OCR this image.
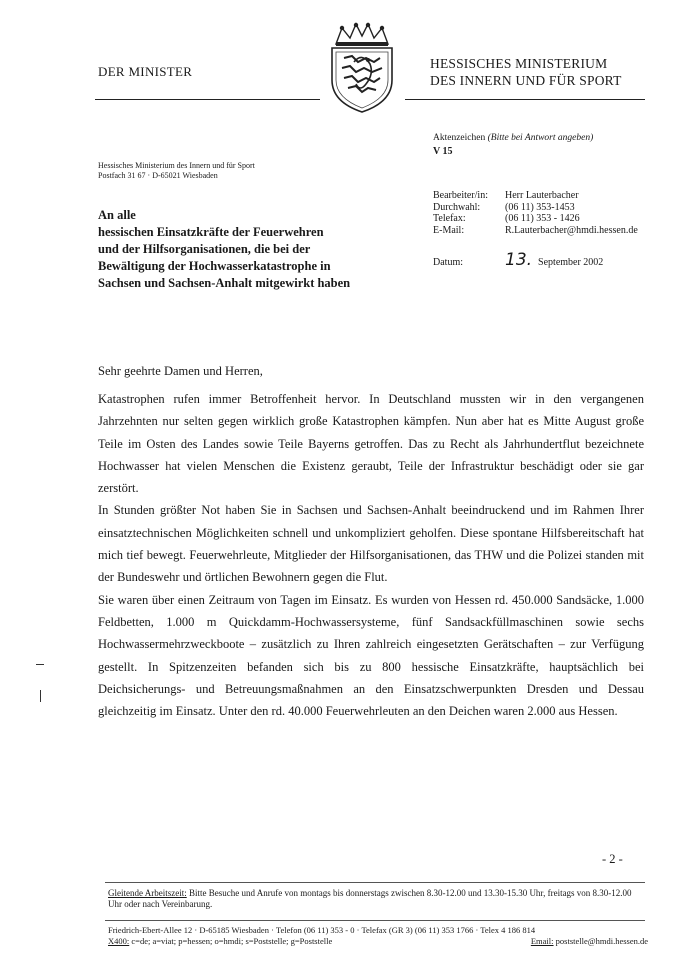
DER MINISTER
HESSISCHES MINISTERIUM
DES INNERN UND FÜR SPORT
Hessisches Ministerium des Innern und für Sport
Postfach 31 67 · D-65021 Wiesbaden
Aktenzeichen (Bitte bei Antwort angeben)
V 15
Bearbeiter/in:	Herr Lauterbacher
Durchwahl:	(06 11) 353-1453
Telefax:	(06 11) 353 - 1426
E-Mail:	R.Lauterbacher@hmdi.hessen.de
Datum:	13. September 2002
An alle
hessischen Einsatzkräfte der Feuerwehren
und der Hilfsorganisationen, die bei der
Bewältigung der Hochwasserkatastrophe in
Sachsen und Sachsen-Anhalt mitgewirkt haben
Sehr geehrte Damen und Herren,

Katastrophen rufen immer Betroffenheit hervor. In Deutschland mussten wir in den vergangenen Jahrzehnten nur selten gegen wirklich große Katastrophen kämpfen. Nun aber hat es Mitte August große Teile im Osten des Landes sowie Teile Bayerns getroffen. Das zu Recht als Jahrhundertflut bezeichnete Hochwasser hat vielen Menschen die Existenz geraubt, Teile der Infrastruktur beschädigt oder sie gar zerstört.

In Stunden größter Not haben Sie in Sachsen und Sachsen-Anhalt beeindruckend und im Rahmen Ihrer einsatztechnischen Möglichkeiten schnell und unkompliziert geholfen. Diese spontane Hilfsbereitschaft hat mich tief bewegt. Feuerwehrleute, Mitglieder der Hilfsorganisationen, das THW und die Polizei standen mit der Bundeswehr und örtlichen Bewohnern gegen die Flut.

Sie waren über einen Zeitraum von Tagen im Einsatz. Es wurden von Hessen rd. 450.000 Sandsäcke, 1.000 Feldbetten, 1.000 m Quickdamm-Hochwassersysteme, fünf Sandsackfüllmaschinen sowie sechs Hochwassermehrzweckboote – zusätzlich zu Ihren zahlreich eingesetzten Gerätschaften – zur Verfügung gestellt. In Spitzenzeiten befanden sich bis zu 800 hessische Einsatzkräfte, hauptsächlich bei Deichsicherungs- und Betreuungsmaßnahmen an den Einsatzschwerpunkten Dresden und Dessau gleichzeitig im Einsatz. Unter den rd. 40.000 Feuerwehrleuten an den Deichen waren 2.000 aus Hessen.

- 2 -
Gleitende Arbeitszeit: Bitte Besuche und Anrufe von montags bis donnerstags zwischen 8.30-12.00 und 13.30-15.30 Uhr, freitags von 8.30-12.00 Uhr oder nach Vereinbarung.
Friedrich-Ebert-Allee 12 · D-65185 Wiesbaden · Telefon (06 11) 353 - 0 · Telefax (GR 3) (06 11) 353 1766 · Telex 4 186 814
X400: c=de; a=viat; p=hessen; o=hmdi; s=Poststelle; g=Poststelle	Email: poststelle@hmdi.hessen.de
